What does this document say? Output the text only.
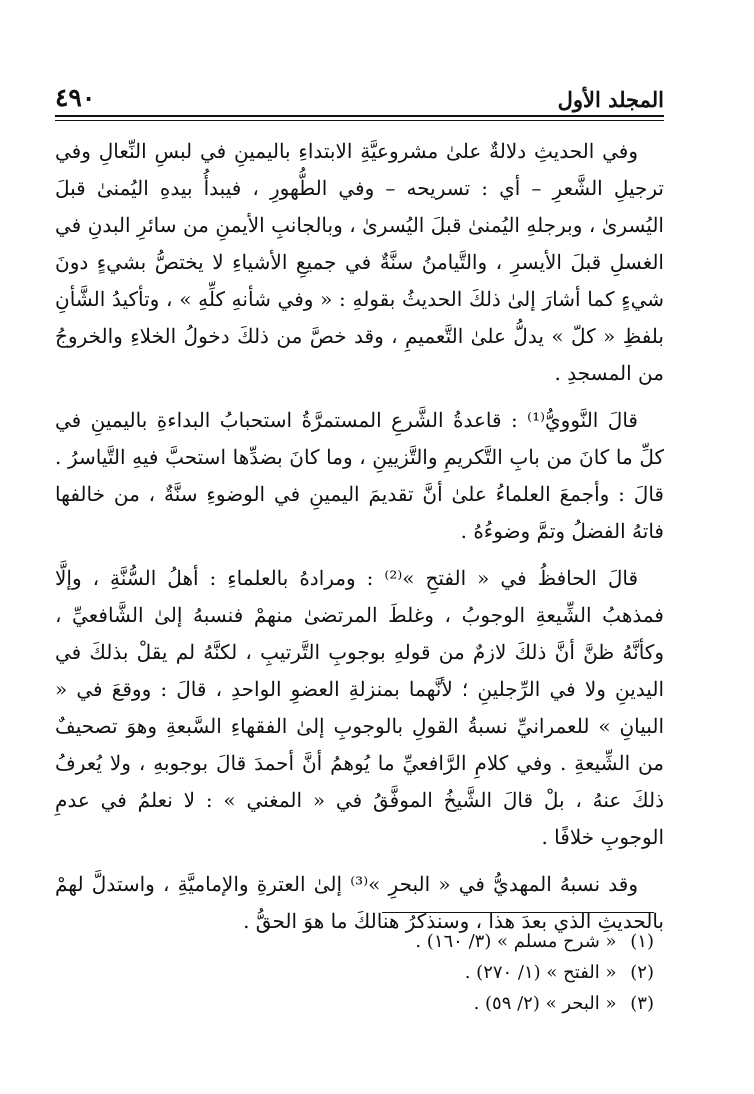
المجلد الأول
٤٩٠

وفي الحديثِ دلالةٌ علىٰ مشروعيَّةِ الابتداءِ باليمينِ في لبسِ النِّعالِ وفي ترجيلِ الشَّعرِ – أي : تسريحه – وفي الطُّهورِ ، فيبدأُ بيدهِ اليُمنىٰ قبلَ اليُسرىٰ ، وبرجلهِ اليُمنىٰ قبلَ اليُسرىٰ ، وبالجانبِ الأيمنِ من سائرِ البدنِ في الغسلِ قبلَ الأيسرِ ، والتَّيامنُ سنَّةٌ في جميعِ الأشياءِ لا يختصُّ بشيءٍ دونَ شيءٍ كما أشارَ إلىٰ ذلكَ الحديثُ بقولهِ : « وفي شأنهِ كلِّهِ » ، وتأكيدُ الشَّأنِ بلفظِ « كلّ » يدلُّ علىٰ التَّعميمِ ، وقد خصَّ من ذلكَ دخولُ الخلاءِ والخروجُ من المسجدِ .

قالَ النَّوويُّ⁽¹⁾ : قاعدةُ الشَّرعِ المستمرَّةُ استحبابُ البداءةِ باليمينِ في كلِّ ما كانَ من بابِ التَّكريمِ والتَّزيينِ ، وما كانَ بضدِّها استحبَّ فيهِ التَّياسرُ . قالَ : وأجمعَ العلماءُ علىٰ أنَّ تقديمَ اليمينِ في الوضوءِ سنَّةٌ ، من خالفها فاتهُ الفضلُ وتمَّ وضوءُهُ .

قالَ الحافظُ في « الفتحِ »⁽²⁾ : ومرادهُ بالعلماءِ : أهلُ السُّنَّةِ ، وإلَّا فمذهبُ الشِّيعةِ الوجوبُ ، وغلطَ المرتضىٰ منهمْ فنسبهُ إلىٰ الشَّافعيِّ ، وكأنَّهُ ظنَّ أنَّ ذلكَ لازمٌ من قولهِ بوجوبِ التَّرتيبِ ، لكنَّهُ لم يقلْ بذلكَ في اليدينِ ولا في الرِّجلينِ ؛ لأنَّهما بمنزلةِ العضوِ الواحدِ ، قالَ : ووقعَ في « البيانِ » للعمرانيِّ نسبةُ القولِ بالوجوبِ إلىٰ الفقهاءِ السَّبعةِ وهوَ تصحيفٌ من الشِّيعةِ . وفي كلامِ الرَّافعيِّ ما يُوهمُ أنَّ أحمدَ قالَ بوجوبهِ ، ولا يُعرفُ ذلكَ عنهُ ، بلْ قالَ الشَّيخُ الموفَّقُ في « المغني » : لا نعلمُ في عدمِ الوجوبِ خلافًا .

وقد نسبهُ المهديُّ في « البحرِ »⁽³⁾ إلىٰ العترةِ والإماميَّةِ ، واستدلَّ لهمْ بالحديثِ الذي بعدَ هذا ، وسنذكرُ هنالكَ ما هوَ الحقُّ .

(١) « شرح مسلم » (٣/ ١٦٠) .

(٢) « الفتح » (١/ ٢٧٠) .

(٣) « البحر » (٢/ ٥٩) .
